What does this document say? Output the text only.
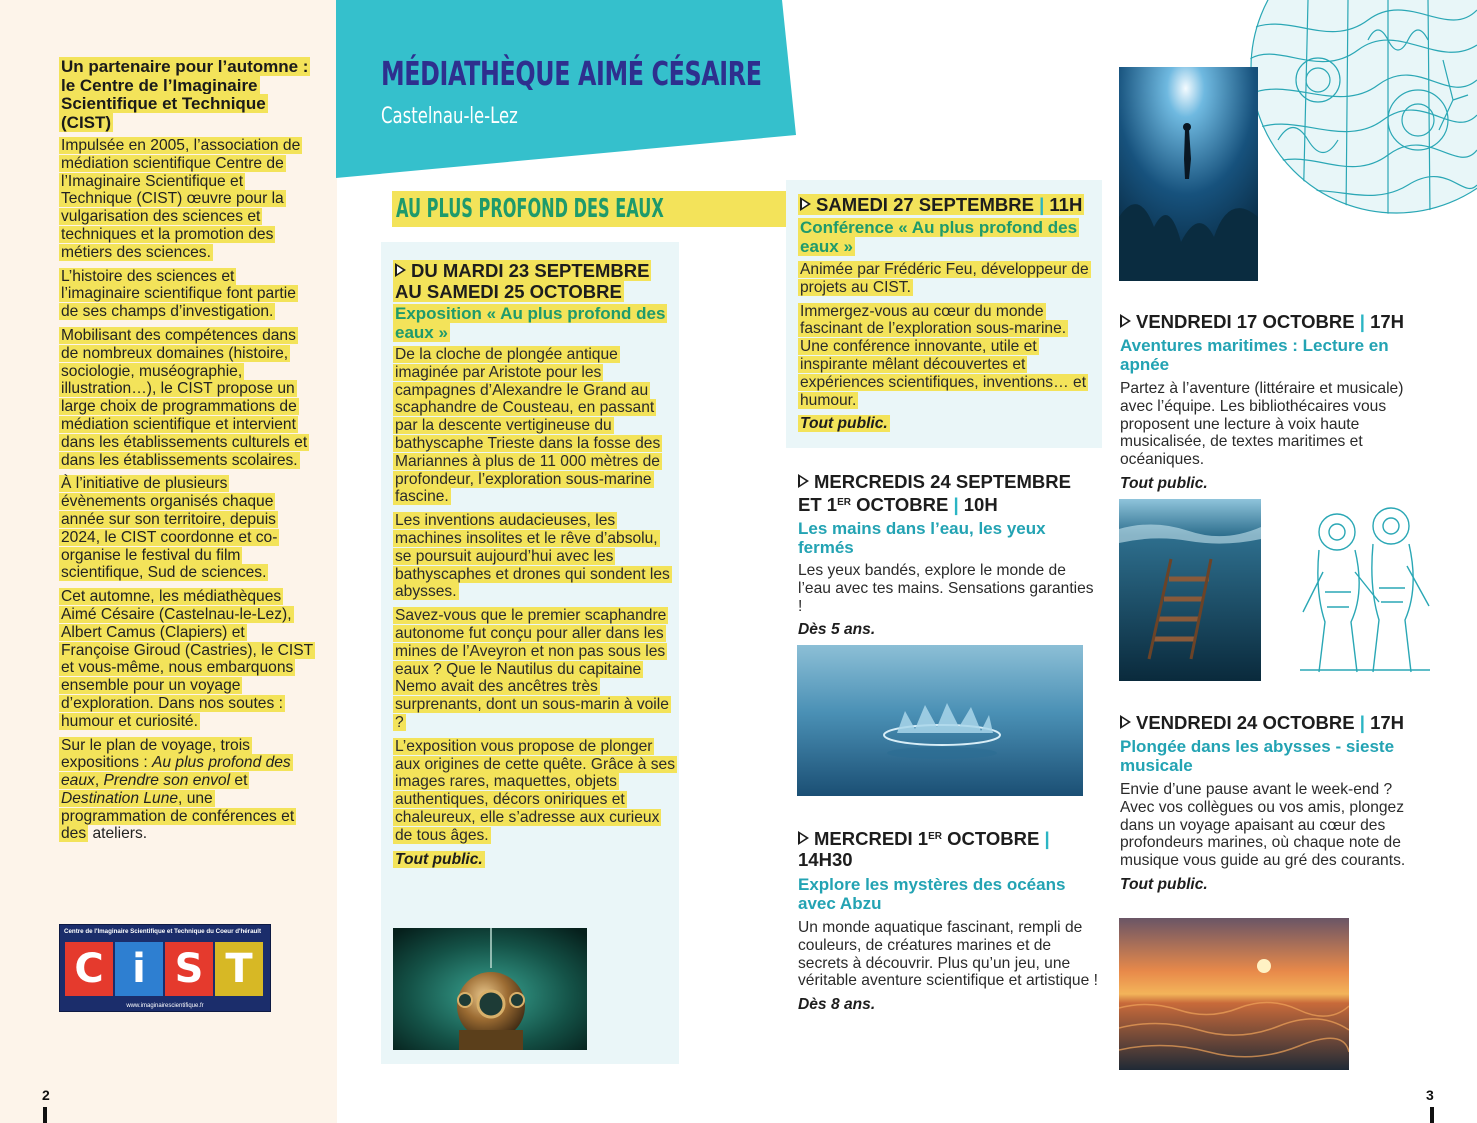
Un partenaire pour l’automne : le Centre de l’Imaginaire Scientifique et Technique (CIST)

Impulsée en 2005, l’association de médiation scientifique Centre de l’Imaginaire Scientifique et Technique (CIST) œuvre pour la vulgarisation des sciences et techniques et la promotion des métiers des sciences.

L’histoire des sciences et l’imaginaire scientifique font partie de ses champs d’investigation.

Mobilisant des compétences dans de nombreux domaines (histoire, sociologie, muséographie, illustration…), le CIST propose un large choix de programmations de médiation scientifique et intervient dans les établissements culturels et dans les établissements scolaires.

À l’initiative de plusieurs évènements organisés chaque année sur son territoire, depuis 2024, le CIST coordonne et co-organise le festival du film scientifique, Sud de sciences.

Cet automne, les médiathèques Aimé Césaire (Castelnau-le-Lez), Albert Camus (Clapiers) et Françoise Giroud (Castries), le CIST et vous-même, nous embarquons ensemble pour un voyage d’exploration. Dans nos soutes : humour et curiosité.

Sur le plan de voyage, trois expositions : Au plus profond des eaux, Prendre son envol et Destination Lune, une programmation de conférences et des ateliers.

Centre de l'Imaginaire Scientifique et Technique du Coeur d'hérault
C i S T
www.imaginairescientifique.fr
2
MÉDIATHÈQUE AIMÉ CÉSAIRE
Castelnau-le-Lez
AU PLUS PROFOND DES EAUX
DU MARDI 23 SEPTEMBRE
AU SAMEDI 25 OCTOBRE
Exposition « Au plus profond des eaux »

De la cloche de plongée antique imaginée par Aristote pour les campagnes d’Alexandre le Grand au scaphandre de Cousteau, en passant par la descente vertigineuse du bathyscaphe Trieste dans la fosse des Mariannes à plus de 11 000 mètres de profondeur, l’exploration sous-marine fascine.

Les inventions audacieuses, les machines insolites et le rêve d’absolu, se poursuit aujourd’hui avec les bathyscaphes et drones qui sondent les abysses.

Savez-vous que le premier scaphandre autonome fut conçu pour aller dans les mines de l’Aveyron et non pas sous les eaux ? Que le Nautilus du capitaine Nemo avait des ancêtres très surprenants, dont un sous-marin à voile ?

L’exposition vous propose de plonger aux origines de cette quête. Grâce à ses images rares, maquettes, objets authentiques, décors oniriques et chaleureux, elle s’adresse aux curieux de tous âges.

Tout public.
SAMEDI 27 SEPTEMBRE | 11H
Conférence « Au plus profond des eaux »

Animée par Frédéric Feu, développeur de projets au CIST.

Immergez-vous au cœur du monde fascinant de l’exploration sous-marine. Une conférence innovante, utile et inspirante mêlant découvertes et expériences scientifiques, inventions… et humour.

Tout public.
MERCREDIS 24 SEPTEMBRE
ET 1ER OCTOBRE | 10H
Les mains dans l’eau, les yeux fermés
Les yeux bandés, explore le monde de l’eau avec tes mains. Sensations garanties !
Dès 5 ans.
MERCREDI 1ER OCTOBRE |
14H30
Explore les mystères des océans avec Abzu
Un monde aquatique fascinant, rempli de couleurs, de créatures marines et de secrets à découvrir. Plus qu’un jeu, une véritable aventure scientifique et artistique !
Dès 8 ans.
VENDREDI 17 OCTOBRE | 17H
Aventures maritimes : Lecture en apnée
Partez à l’aventure (littéraire et musicale) avec l’équipe. Les bibliothécaires vous proposent une lecture à voix haute musicalisée, de textes maritimes et océaniques.
Tout public.
VENDREDI 24 OCTOBRE | 17H
Plongée dans les abysses - sieste musicale
Envie d’une pause avant le week-end ? Avec vos collègues ou vos amis, plongez dans un voyage apaisant au cœur des profondeurs marines, où chaque note de musique vous guide au gré des courants.
Tout public.
3
